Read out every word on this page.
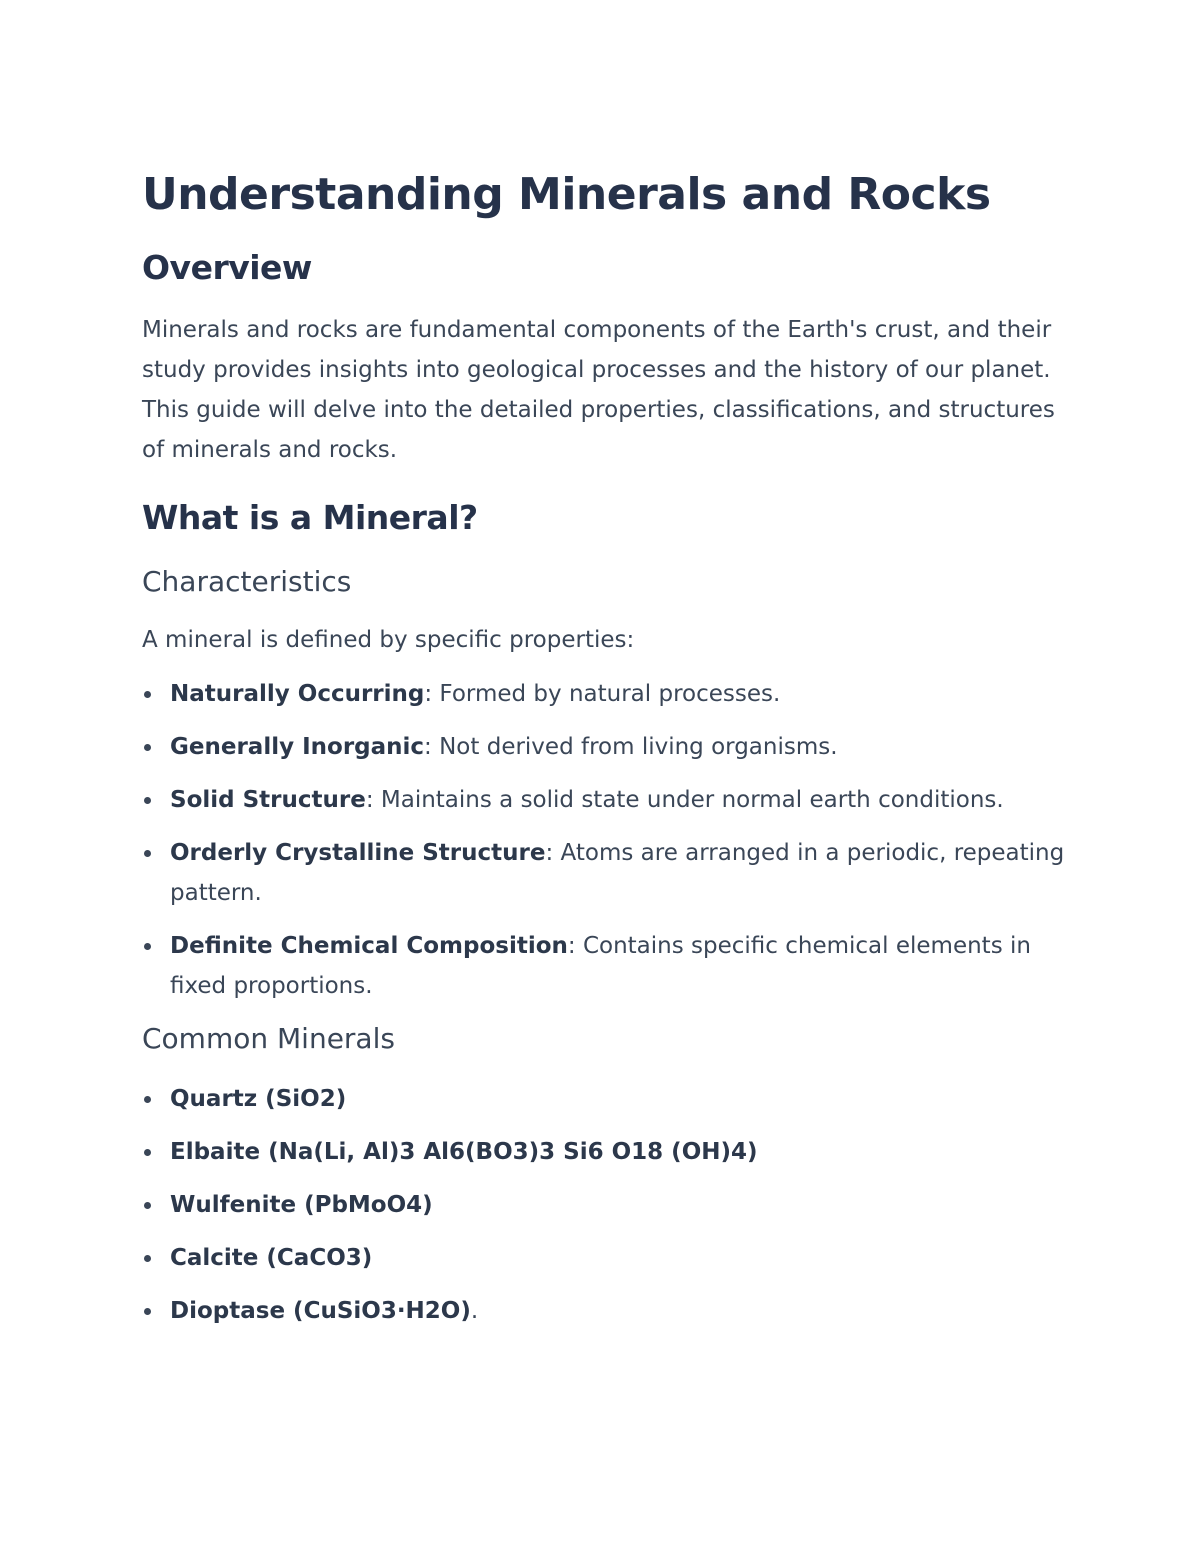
Understanding Minerals and Rocks
Overview

Minerals and rocks are fundamental components of the Earth's crust, and their study provides insights into geological processes and the history of our planet. This guide will delve into the detailed properties, classifications, and structures of minerals and rocks.

What is a Mineral?
Characteristics

A mineral is defined by specific properties:

Naturally Occurring: Formed by natural processes.
Generally Inorganic: Not derived from living organisms.
Solid Structure: Maintains a solid state under normal earth conditions.
Orderly Crystalline Structure: Atoms are arranged in a periodic, repeating pattern.
Definite Chemical Composition: Contains specific chemical elements in fixed proportions.
Common Minerals
Quartz (SiO2)
Elbaite (Na(Li, Al)3 Al6(BO3)3 Si6 O18 (OH)4)
Wulfenite (PbMoO4)
Calcite (CaCO3)
Dioptase (CuSiO3·H2O).
